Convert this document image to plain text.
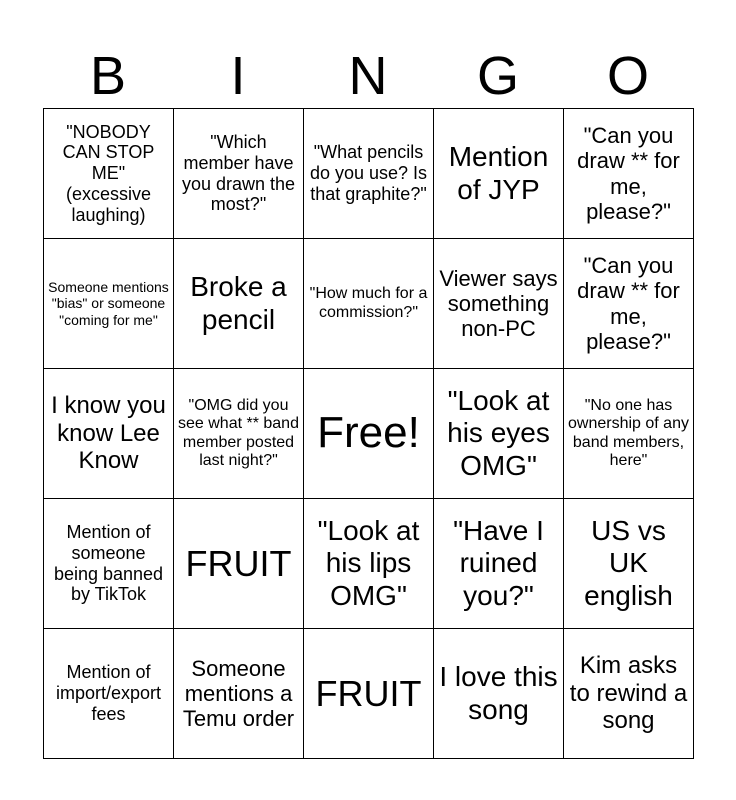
B	I	N	G	O
"NOBODY CAN STOP ME" (excessive laughing)	"Which member have you drawn the most?"	"What pencils do you use? Is that graphite?"	Mention of JYP	"Can you draw ** for me, please?"
Someone mentions "bias" or someone "coming for me"	Broke a pencil	"How much for a commission?"	Viewer says something non-PC	"Can you draw ** for me, please?"
I know you know Lee Know	"OMG did you see what ** band member posted last night?"	Free!	"Look at his eyes OMG"	"No one has ownership of any band members, here"
Mention of someone being banned by TikTok	FRUIT	"Look at his lips OMG"	"Have I ruined you?"	US vs UK english
Mention of import/export fees	Someone mentions a Temu order	FRUIT	I love this song	Kim asks to rewind a song
